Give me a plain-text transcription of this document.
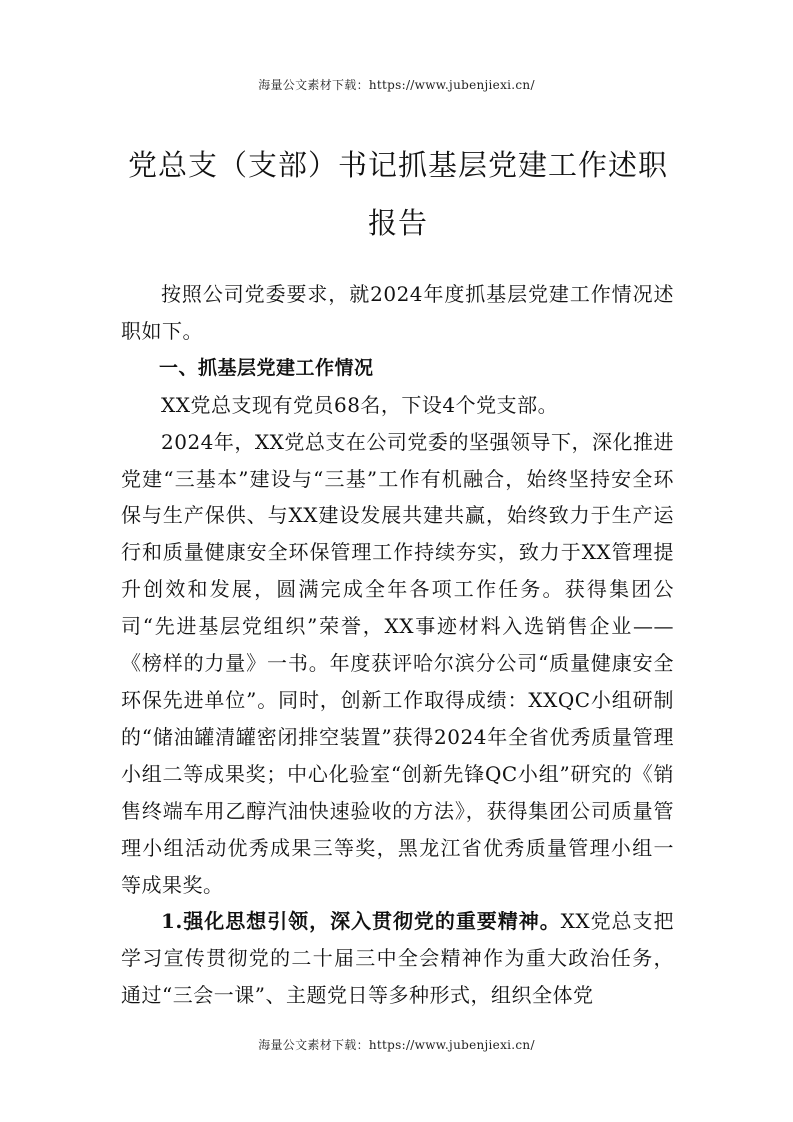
海量公文素材下载：https://www.jubenjiexi.cn/
党总支（支部）书记抓基层党建工作述职报告

按照公司党委要求，就2024年度抓基层党建工作情况述职如下。

一、抓基层党建工作情况

XX党总支现有党员68名，下设4个党支部。

2024年，XX党总支在公司党委的坚强领导下，深化推进党建“三基本”建设与“三基”工作有机融合，始终坚持安全环保与生产保供、与XX建设发展共建共赢，始终致力于生产运行和质量健康安全环保管理工作持续夯实，致力于XX管理提升创效和发展，圆满完成全年各项工作任务。获得集团公司“先进基层党组织”荣誉，XX事迹材料入选销售企业——《榜样的力量》一书。年度获评哈尔滨分公司“质量健康安全环保先进单位”。同时，创新工作取得成绩：XXQC小组研制的“储油罐清罐密闭排空装置”获得2024年全省优秀质量管理小组二等成果奖；中心化验室“创新先锋QC小组”研究的《销售终端车用乙醇汽油快速验收的方法》，获得集团公司质量管理小组活动优秀成果三等奖，黑龙江省优秀质量管理小组一等成果奖。

1.强化思想引领，深入贯彻党的重要精神。XX党总支把学习宣传贯彻党的二十届三中全会精神作为重大政治任务，通过“三会一课”、主题党日等多种形式，组织全体党

海量公文素材下载：https://www.jubenjiexi.cn/
